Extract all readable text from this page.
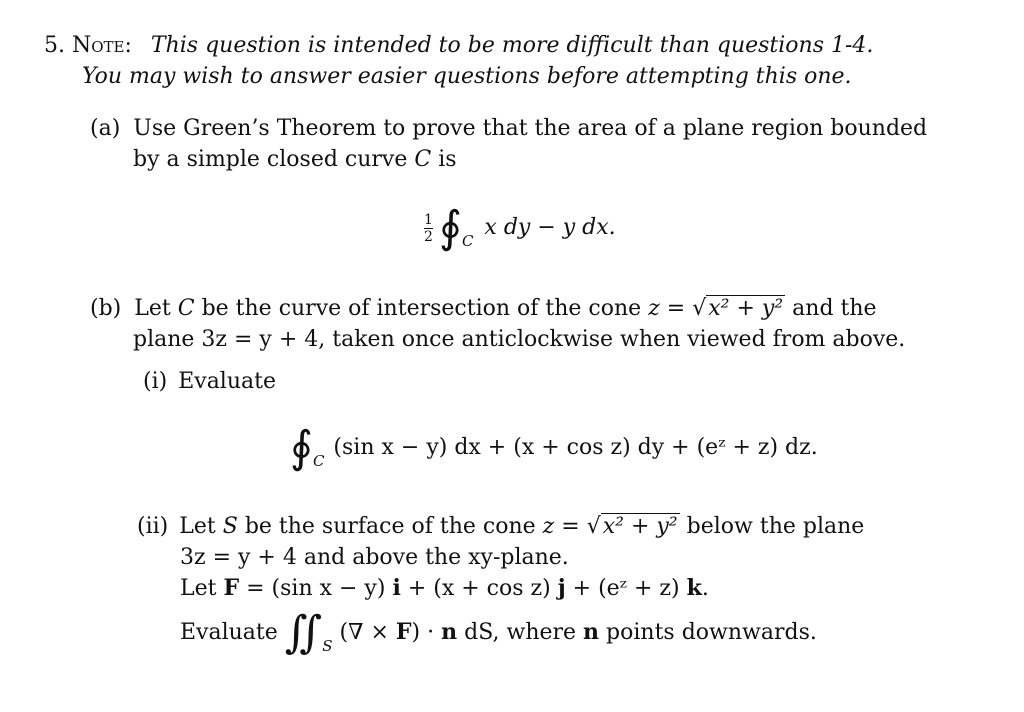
5. Note: This question is intended to be more difficult than questions 1-4.
You may wish to answer easier questions before attempting this one.
(a) Use Green’s Theorem to prove that the area of a plane region bounded
by a simple closed curve C is
$\frac{1}{2}$ $∮_C$ x dy − y dx.
(b) Let C be the curve of intersection of the cone z = √x² + y² and the
plane 3z = y + 4, taken once anticlockwise when viewed from above.
(i) Evaluate
$∮_C$ (sin x − y) dx + (x + cos z) dy + (eᶻ + z) dz.
(ii) Let S be the surface of the cone z = √x² + y² below the plane
3z = y + 4 and above the xy-plane.
Let F = (sin x − y) i + (x + cos z) j + (eᶻ + z) k.
Evaluate $∬_S$ (∇ × F) · n dS, where n points downwards.
